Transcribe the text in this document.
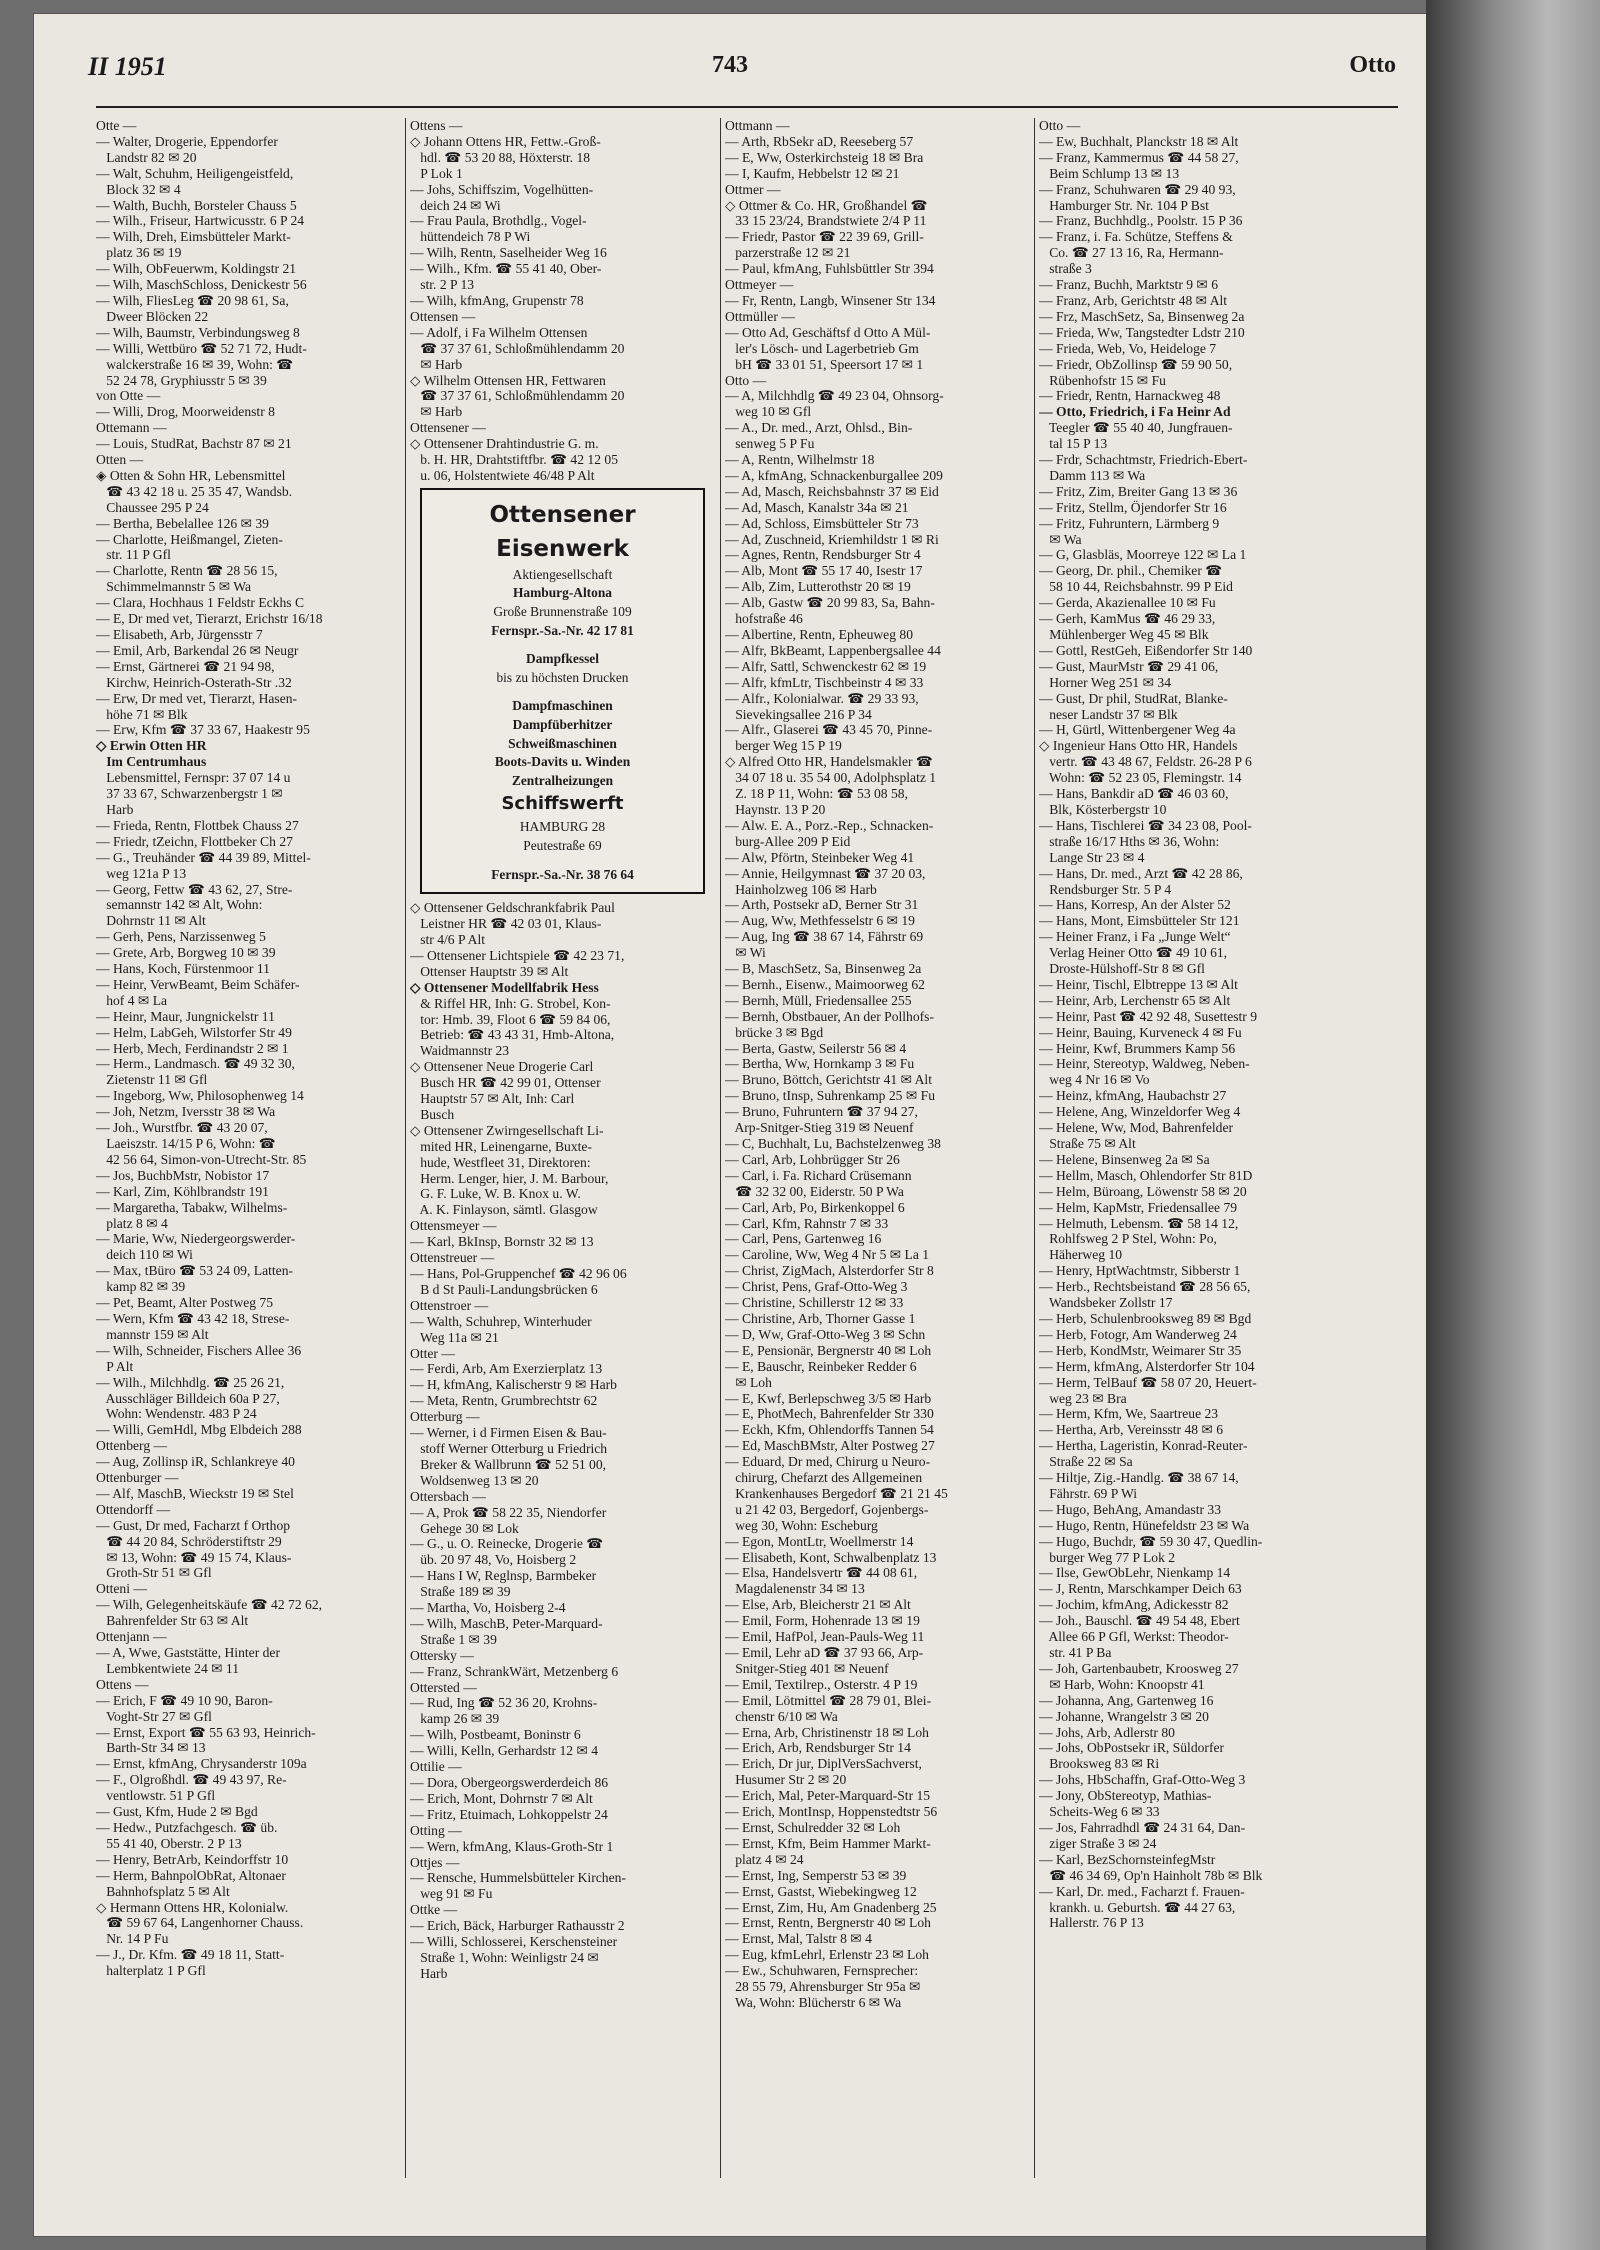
II 1951	743	Otto
Otte —
— Walter, Drogerie, Eppendorfer
Landstr 82 ✉ 20
— Walt, Schuhm, Heiligengeistfeld,
Block 32 ✉ 4
— Walth, Buchh, Borsteler Chauss 5
— Wilh., Friseur, Hartwicusstr. 6 P 24
— Wilh, Dreh, Eimsbütteler Markt-
platz 36 ✉ 19
— Wilh, ObFeuerwm, Koldingstr 21
— Wilh, MaschSchloss, Denickestr 56
— Wilh, FliesLeg ☎ 20 98 61, Sa,
Dweer Blöcken 22
— Wilh, Baumstr, Verbindungsweg 8
— Willi, Wettbüro ☎ 52 71 72, Hudt-
walckerstraße 16 ✉ 39, Wohn: ☎
52 24 78, Gryphiusstr 5 ✉ 39
von Otte —
— Willi, Drog, Moorweidenstr 8
Ottemann —
— Louis, StudRat, Bachstr 87 ✉ 21
Otten —
◈ Otten & Sohn HR, Lebensmittel
☎ 43 42 18 u. 25 35 47, Wandsb.
Chaussee 295 P 24
— Bertha, Bebelallee 126 ✉ 39
— Charlotte, Heißmangel, Zieten-
str. 11 P Gfl
— Charlotte, Rentn ☎ 28 56 15,
Schimmelmannstr 5 ✉ Wa
— Clara, Hochhaus 1 Feldstr Eckhs C
— E, Dr med vet, Tierarzt, Erichstr 16/18
— Elisabeth, Arb, Jürgensstr 7
— Emil, Arb, Barkendal 26 ✉ Neugr
— Ernst, Gärtnerei ☎ 21 94 98,
Kirchw, Heinrich-Osterath-Str .32
— Erw, Dr med vet, Tierarzt, Hasen-
höhe 71 ✉ Blk
— Erw, Kfm ☎ 37 33 67, Haakestr 95
◇ Erwin Otten HR
Im Centrumhaus
Lebensmittel, Fernspr: 37 07 14 u
37 33 67, Schwarzenbergstr 1 ✉
Harb
— Frieda, Rentn, Flottbek Chauss 27
— Friedr, tZeichn, Flottbeker Ch 27
— G., Treuhänder ☎ 44 39 89, Mittel-
weg 121a P 13
— Georg, Fettw ☎ 43 62, 27, Stre-
semannstr 142 ✉ Alt, Wohn:
Dohrnstr 11 ✉ Alt
— Gerh, Pens, Narzissenweg 5
— Grete, Arb, Borgweg 10 ✉ 39
— Hans, Koch, Fürstenmoor 11
— Heinr, VerwBeamt, Beim Schäfer-
hof 4 ✉ La
— Heinr, Maur, Jungnickelstr 11
— Helm, LabGeh, Wilstorfer Str 49
— Herb, Mech, Ferdinandstr 2 ✉ 1
— Herm., Landmasch. ☎ 49 32 30,
Zietenstr 11 ✉ Gfl
— Ingeborg, Ww, Philosophenweg 14
— Joh, Netzm, Iversstr 38 ✉ Wa
— Joh., Wurstfbr. ☎ 43 20 07,
Laeiszstr. 14/15 P 6, Wohn: ☎
42 56 64, Simon-von-Utrecht-Str. 85
— Jos, BuchbMstr, Nobistor 17
— Karl, Zim, Köhlbrandstr 191
— Margaretha, Tabakw, Wilhelms-
platz 8 ✉ 4
— Marie, Ww, Niedergeorgswerder-
deich 110 ✉ Wi
— Max, tBüro ☎ 53 24 09, Latten-
kamp 82 ✉ 39
— Pet, Beamt, Alter Postweg 75
— Wern, Kfm ☎ 43 42 18, Strese-
mannstr 159 ✉ Alt
— Wilh, Schneider, Fischers Allee 36
P Alt
— Wilh., Milchhdlg. ☎ 25 26 21,
Ausschläger Billdeich 60a P 27,
Wohn: Wendenstr. 483 P 24
— Willi, GemHdl, Mbg Elbdeich 288
Ottenberg —
— Aug, Zollinsp iR, Schlankreye 40
Ottenburger —
— Alf, MaschB, Wieckstr 19 ✉ Stel
Ottendorff —
— Gust, Dr med, Facharzt f Orthop
☎ 44 20 84, Schröderstiftstr 29
✉ 13, Wohn: ☎ 49 15 74, Klaus-
Groth-Str 51 ✉ Gfl
Otteni —
— Wilh, Gelegenheitskäufe ☎ 42 72 62,
Bahrenfelder Str 63 ✉ Alt
Ottenjann —
— A, Wwe, Gaststätte, Hinter der
Lembkentwiete 24 ✉ 11
Ottens —
— Erich, F ☎ 49 10 90, Baron-
Voght-Str 27 ✉ Gfl
— Ernst, Export ☎ 55 63 93, Heinrich-
Barth-Str 34 ✉ 13
— Ernst, kfmAng, Chrysanderstr 109a
— F., Olgroßhdl. ☎ 49 43 97, Re-
ventlowstr. 51 P Gfl
— Gust, Kfm, Hude 2 ✉ Bgd
— Hedw., Putzfachgesch. ☎ üb.
55 41 40, Oberstr. 2 P 13
— Henry, BetrArb, Keindorffstr 10
— Herm, BahnpolObRat, Altonaer
Bahnhofsplatz 5 ✉ Alt
◇ Hermann Ottens HR, Kolonialw.
☎ 59 67 64, Langenhorner Chauss.
Nr. 14 P Fu
— J., Dr. Kfm. ☎ 49 18 11, Statt-
halterplatz 1 P Gfl
Ottens —
◇ Johann Ottens HR, Fettw.-Groß-
hdl. ☎ 53 20 88, Höxterstr. 18
P Lok 1
— Johs, Schiffszim, Vogelhütten-
deich 24 ✉ Wi
— Frau Paula, Brothdlg., Vogel-
hüttendeich 78 P Wi
— Wilh, Rentn, Saselheider Weg 16
— Wilh., Kfm. ☎ 55 41 40, Ober-
str. 2 P 13
— Wilh, kfmAng, Grupenstr 78
Ottensen —
— Adolf, i Fa Wilhelm Ottensen
☎ 37 37 61, Schloßmühlendamm 20
✉ Harb
◇ Wilhelm Ottensen HR, Fettwaren
☎ 37 37 61, Schloßmühlendamm 20
✉ Harb
Ottensener —
◇ Ottensener Drahtindustrie G. m.
b. H. HR, Drahtstiftfbr. ☎ 42 12 05
u. 06, Holstentwiete 46/48 P Alt
Ottensener Eisenwerk
Aktiengesellschaft
Hamburg-Altona
Große Brunnenstraße 109
Fernspr.-Sa.-Nr. 42 17 81
Dampfkessel
bis zu höchsten Drucken
Dampfmaschinen
Dampfüberhitzer
Schweißmaschinen
Boots-Davits u. Winden
Zentralheizungen
Schiffswerft
HAMBURG 28
Peutestraße 69
Fernspr.-Sa.-Nr. 38 76 64
◇ Ottensener Geldschrankfabrik Paul
Leistner HR ☎ 42 03 01, Klaus-
str 4/6 P Alt
— Ottensener Lichtspiele ☎ 42 23 71,
Ottenser Hauptstr 39 ✉ Alt
◇ Ottensener Modellfabrik Hess
& Riffel HR, Inh: G. Strobel, Kon-
tor: Hmb. 39, Floot 6 ☎ 59 84 06,
Betrieb: ☎ 43 43 31, Hmb-Altona,
Waidmannstr 23
◇ Ottensener Neue Drogerie Carl
Busch HR ☎ 42 99 01, Ottenser
Hauptstr 57 ✉ Alt, Inh: Carl
Busch
◇ Ottensener Zwirngesellschaft Li-
mited HR, Leinengarne, Buxte-
hude, Westfleet 31, Direktoren:
Herm. Lenger, hier, J. M. Barbour,
G. F. Luke, W. B. Knox u. W.
A. K. Finlayson, sämtl. Glasgow
Ottensmeyer —
— Karl, BkInsp, Bornstr 32 ✉ 13
Ottenstreuer —
— Hans, Pol-Gruppenchef ☎ 42 96 06
B d St Pauli-Landungsbrücken 6
Ottenstroer —
— Walth, Schuhrep, Winterhuder
Weg 11a ✉ 21
Otter —
— Ferdi, Arb, Am Exerzierplatz 13
— H, kfmAng, Kalischerstr 9 ✉ Harb
— Meta, Rentn, Grumbrechtstr 62
Otterburg —
— Werner, i d Firmen Eisen & Bau-
stoff Werner Otterburg u Friedrich
Breker & Wallbrunn ☎ 52 51 00,
Woldsenweg 13 ✉ 20
Ottersbach —
— A, Prok ☎ 58 22 35, Niendorfer
Gehege 30 ✉ Lok
— G., u. O. Reinecke, Drogerie ☎
üb. 20 97 48, Vo, Hoisberg 2
— Hans I W, Reglnsp, Barmbeker
Straße 189 ✉ 39
— Martha, Vo, Hoisberg 2-4
— Wilh, MaschB, Peter-Marquard-
Straße 1 ✉ 39
Ottersky —
— Franz, SchrankWärt, Metzenberg 6
Ottersted —
— Rud, Ing ☎ 52 36 20, Krohns-
kamp 26 ✉ 39
— Wilh, Postbeamt, Boninstr 6
— Willi, Kelln, Gerhardstr 12 ✉ 4
Ottilie —
— Dora, Obergeorgswerderdeich 86
— Erich, Mont, Dohrnstr 7 ✉ Alt
— Fritz, Etuimach, Lohkoppelstr 24
Otting —
— Wern, kfmAng, Klaus-Groth-Str 1
Ottjes —
— Rensche, Hummelsbütteler Kirchen-
weg 91 ✉ Fu
Ottke —
— Erich, Bäck, Harburger Rathausstr 2
— Willi, Schlosserei, Kerschensteiner
Straße 1, Wohn: Weinligstr 24 ✉
Harb
Ottmann —
— Arth, RbSekr aD, Reeseberg 57
— E, Ww, Osterkirchsteig 18 ✉ Bra
— I, Kaufm, Hebbelstr 12 ✉ 21
Ottmer —
◇ Ottmer & Co. HR, Großhandel ☎
33 15 23/24, Brandstwiete 2/4 P 11
— Friedr, Pastor ☎ 22 39 69, Grill-
parzerstraße 12 ✉ 21
— Paul, kfmAng, Fuhlsbüttler Str 394
Ottmeyer —
— Fr, Rentn, Langb, Winsener Str 134
Ottmüller —
— Otto Ad, Geschäftsf d Otto A Mül-
ler's Lösch- und Lagerbetrieb Gm
bH ☎ 33 01 51, Speersort 17 ✉ 1
Otto —
— A, Milchhdlg ☎ 49 23 04, Ohnsorg-
weg 10 ✉ Gfl
— A., Dr. med., Arzt, Ohlsd., Bin-
senweg 5 P Fu
— A, Rentn, Wilhelmstr 18
— A, kfmAng, Schnackenburgallee 209
— Ad, Masch, Reichsbahnstr 37 ✉ Eid
— Ad, Masch, Kanalstr 34a ✉ 21
— Ad, Schloss, Eimsbütteler Str 73
— Ad, Zuschneid, Kriemhildstr 1 ✉ Ri
— Agnes, Rentn, Rendsburger Str 4
— Alb, Mont ☎ 55 17 40, Isestr 17
— Alb, Zim, Lutterothstr 20 ✉ 19
— Alb, Gastw ☎ 20 99 83, Sa, Bahn-
hofstraße 46
— Albertine, Rentn, Epheuweg 80
— Alfr, BkBeamt, Lappenbergsallee 44
— Alfr, Sattl, Schwenckestr 62 ✉ 19
— Alfr, kfmLtr, Tischbeinstr 4 ✉ 33
— Alfr., Kolonialwar. ☎ 29 33 93,
Sievekingsallee 216 P 34
— Alfr., Glaserei ☎ 43 45 70, Pinne-
berger Weg 15 P 19
◇ Alfred Otto HR, Handelsmakler ☎
34 07 18 u. 35 54 00, Adolphsplatz 1
Z. 18 P 11, Wohn: ☎ 53 08 58,
Haynstr. 13 P 20
— Alw. E. A., Porz.-Rep., Schnacken-
burg-Allee 209 P Eid
— Alw, Pförtn, Steinbeker Weg 41
— Annie, Heilgymnast ☎ 37 20 03,
Hainholzweg 106 ✉ Harb
— Arth, Postsekr aD, Berner Str 31
— Aug, Ww, Methfesselstr 6 ✉ 19
— Aug, Ing ☎ 38 67 14, Fährstr 69
✉ Wi
— B, MaschSetz, Sa, Binsenweg 2a
— Bernh., Eisenw., Maimoorweg 62
— Bernh, Müll, Friedensallee 255
— Bernh, Obstbauer, An der Pollhofs-
brücke 3 ✉ Bgd
— Berta, Gastw, Seilerstr 56 ✉ 4
— Bertha, Ww, Hornkamp 3 ✉ Fu
— Bruno, Böttch, Gerichtstr 41 ✉ Alt
— Bruno, tInsp, Suhrenkamp 25 ✉ Fu
— Bruno, Fuhruntern ☎ 37 94 27,
Arp-Snitger-Stieg 319 ✉ Neuenf
— C, Buchhalt, Lu, Bachstelzenweg 38
— Carl, Arb, Lohbrügger Str 26
— Carl, i. Fa. Richard Crüsemann
☎ 32 32 00, Eiderstr. 50 P Wa
— Carl, Arb, Po, Birkenkoppel 6
— Carl, Kfm, Rahnstr 7 ✉ 33
— Carl, Pens, Gartenweg 16
— Caroline, Ww, Weg 4 Nr 5 ✉ La 1
— Christ, ZigMach, Alsterdorfer Str 8
— Christ, Pens, Graf-Otto-Weg 3
— Christine, Schillerstr 12 ✉ 33
— Christine, Arb, Thorner Gasse 1
— D, Ww, Graf-Otto-Weg 3 ✉ Schn
— E, Pensionär, Bergnerstr 40 ✉ Loh
— E, Bauschr, Reinbeker Redder 6
✉ Loh
— E, Kwf, Berlepschweg 3/5 ✉ Harb
— E, PhotMech, Bahrenfelder Str 330
— Eckh, Kfm, Ohlendorffs Tannen 54
— Ed, MaschBMstr, Alter Postweg 27
— Eduard, Dr med, Chirurg u Neuro-
chirurg, Chefarzt des Allgemeinen
Krankenhauses Bergedorf ☎ 21 21 45
u 21 42 03, Bergedorf, Gojenbergs-
weg 30, Wohn: Escheburg
— Egon, MontLtr, Woellmerstr 14
— Elisabeth, Kont, Schwalbenplatz 13
— Elsa, Handelsvertr ☎ 44 08 61,
Magdalenenstr 34 ✉ 13
— Else, Arb, Bleicherstr 21 ✉ Alt
— Emil, Form, Hohenrade 13 ✉ 19
— Emil, HafPol, Jean-Pauls-Weg 11
— Emil, Lehr aD ☎ 37 93 66, Arp-
Snitger-Stieg 401 ✉ Neuenf
— Emil, Textilrep., Osterstr. 4 P 19
— Emil, Lötmittel ☎ 28 79 01, Blei-
chenstr 6/10 ✉ Wa
— Erna, Arb, Christinenstr 18 ✉ Loh
— Erich, Arb, Rendsburger Str 14
— Erich, Dr jur, DiplVersSachverst,
Husumer Str 2 ✉ 20
— Erich, Mal, Peter-Marquard-Str 15
— Erich, MontInsp, Hoppenstedtstr 56
— Ernst, Schulredder 32 ✉ Loh
— Ernst, Kfm, Beim Hammer Markt-
platz 4 ✉ 24
— Ernst, Ing, Semperstr 53 ✉ 39
— Ernst, Gastst, Wiebekingweg 12
— Ernst, Zim, Hu, Am Gnadenberg 25
— Ernst, Rentn, Bergnerstr 40 ✉ Loh
— Ernst, Mal, Talstr 8 ✉ 4
— Eug, kfmLehrl, Erlenstr 23 ✉ Loh
— Ew., Schuhwaren, Fernsprecher:
28 55 79, Ahrensburger Str 95a ✉
Wa, Wohn: Blücherstr 6 ✉ Wa
Otto —
— Ew, Buchhalt, Planckstr 18 ✉ Alt
— Franz, Kammermus ☎ 44 58 27,
Beim Schlump 13 ✉ 13
— Franz, Schuhwaren ☎ 29 40 93,
Hamburger Str. Nr. 104 P Bst
— Franz, Buchhdlg., Poolstr. 15 P 36
— Franz, i. Fa. Schütze, Steffens &
Co. ☎ 27 13 16, Ra, Hermann-
straße 3
— Franz, Buchh, Marktstr 9 ✉ 6
— Franz, Arb, Gerichtstr 48 ✉ Alt
— Frz, MaschSetz, Sa, Binsenweg 2a
— Frieda, Ww, Tangstedter Ldstr 210
— Frieda, Web, Vo, Heideloge 7
— Friedr, ObZollinsp ☎ 59 90 50,
Rübenhofstr 15 ✉ Fu
— Friedr, Rentn, Harnackweg 48
— Otto, Friedrich, i Fa Heinr Ad
Teegler ☎ 55 40 40, Jungfrauen-
tal 15 P 13
— Frdr, Schachtmstr, Friedrich-Ebert-
Damm 113 ✉ Wa
— Fritz, Zim, Breiter Gang 13 ✉ 36
— Fritz, Stellm, Öjendorfer Str 16
— Fritz, Fuhruntern, Lärmberg 9
✉ Wa
— G, Glasbläs, Moorreye 122 ✉ La 1
— Georg, Dr. phil., Chemiker ☎
58 10 44, Reichsbahnstr. 99 P Eid
— Gerda, Akazienallee 10 ✉ Fu
— Gerh, KamMus ☎ 46 29 33,
Mühlenberger Weg 45 ✉ Blk
— Gottl, RestGeh, Eißendorfer Str 140
— Gust, MaurMstr ☎ 29 41 06,
Horner Weg 251 ✉ 34
— Gust, Dr phil, StudRat, Blanke-
neser Landstr 37 ✉ Blk
— H, Gürtl, Wittenbergener Weg 4a
◇ Ingenieur Hans Otto HR, Handels
vertr. ☎ 43 48 67, Feldstr. 26-28 P 6
Wohn: ☎ 52 23 05, Flemingstr. 14
— Hans, Bankdir aD ☎ 46 03 60,
Blk, Kösterbergstr 10
— Hans, Tischlerei ☎ 34 23 08, Pool-
straße 16/17 Hths ✉ 36, Wohn:
Lange Str 23 ✉ 4
— Hans, Dr. med., Arzt ☎ 42 28 86,
Rendsburger Str. 5 P 4
— Hans, Korresp, An der Alster 52
— Hans, Mont, Eimsbütteler Str 121
— Heiner Franz, i Fa „Junge Welt“
Verlag Heiner Otto ☎ 49 10 61,
Droste-Hülshoff-Str 8 ✉ Gfl
— Heinr, Tischl, Elbtreppe 13 ✉ Alt
— Heinr, Arb, Lerchenstr 65 ✉ Alt
— Heinr, Past ☎ 42 92 48, Susettestr 9
— Heinr, Bauing, Kurveneck 4 ✉ Fu
— Heinr, Kwf, Brummers Kamp 56
— Heinr, Stereotyp, Waldweg, Neben-
weg 4 Nr 16 ✉ Vo
— Heinz, kfmAng, Haubachstr 27
— Helene, Ang, Winzeldorfer Weg 4
— Helene, Ww, Mod, Bahrenfelder
Straße 75 ✉ Alt
— Helene, Binsenweg 2a ✉ Sa
— Hellm, Masch, Ohlendorfer Str 81D
— Helm, Büroang, Löwenstr 58 ✉ 20
— Helm, KapMstr, Friedensallee 79
— Helmuth, Lebensm. ☎ 58 14 12,
Rohlfsweg 2 P Stel, Wohn: Po,
Häherweg 10
— Henry, HptWachtmstr, Sibberstr 1
— Herb., Rechtsbeistand ☎ 28 56 65,
Wandsbeker Zollstr 17
— Herb, Schulenbrooksweg 89 ✉ Bgd
— Herb, Fotogr, Am Wanderweg 24
— Herb, KondMstr, Weimarer Str 35
— Herm, kfmAng, Alsterdorfer Str 104
— Herm, TelBauf ☎ 58 07 20, Heuert-
weg 23 ✉ Bra
— Herm, Kfm, We, Saartreue 23
— Hertha, Arb, Vereinsstr 48 ✉ 6
— Hertha, Lageristin, Konrad-Reuter-
Straße 22 ✉ Sa
— Hiltje, Zig.-Handlg. ☎ 38 67 14,
Fährstr. 69 P Wi
— Hugo, BehAng, Amandastr 33
— Hugo, Rentn, Hünefeldstr 23 ✉ Wa
— Hugo, Buchdr, ☎ 59 30 47, Quedlin-
burger Weg 77 P Lok 2
— Ilse, GewObLehr, Nienkamp 14
— J, Rentn, Marschkamper Deich 63
— Jochim, kfmAng, Adickesstr 82
— Joh., Bauschl. ☎ 49 54 48, Ebert
Allee 66 P Gfl, Werkst: Theodor-
str. 41 P Ba
— Joh, Gartenbaubetr, Kroosweg 27
✉ Harb, Wohn: Knoopstr 41
— Johanna, Ang, Gartenweg 16
— Johanne, Wrangelstr 3 ✉ 20
— Johs, Arb, Adlerstr 80
— Johs, ObPostsekr iR, Süldorfer
Brooksweg 83 ✉ Ri
— Johs, HbSchaffn, Graf-Otto-Weg 3
— Jony, ObStereotyp, Mathias-
Scheits-Weg 6 ✉ 33
— Jos, Fahrradhdl ☎ 24 31 64, Dan-
ziger Straße 3 ✉ 24
— Karl, BezSchornsteinfegMstr
☎ 46 34 69, Op'n Hainholt 78b ✉ Blk
— Karl, Dr. med., Facharzt f. Frauen-
krankh. u. Geburtsh. ☎ 44 27 63,
Hallerstr. 76 P 13
